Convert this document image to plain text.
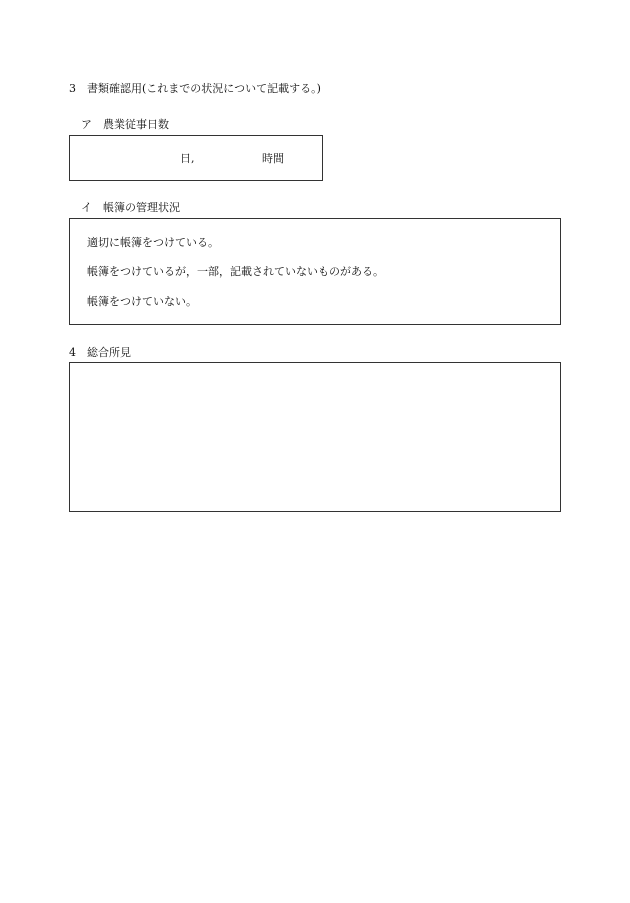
3　書類確認用(これまでの状況について記載する。)
ア　農業従事日数
日,	時間
イ　帳簿の管理状況
適切に帳簿をつけている。
帳簿をつけているが，一部，記載されていないものがある。
帳簿をつけていない。
4　総合所見
